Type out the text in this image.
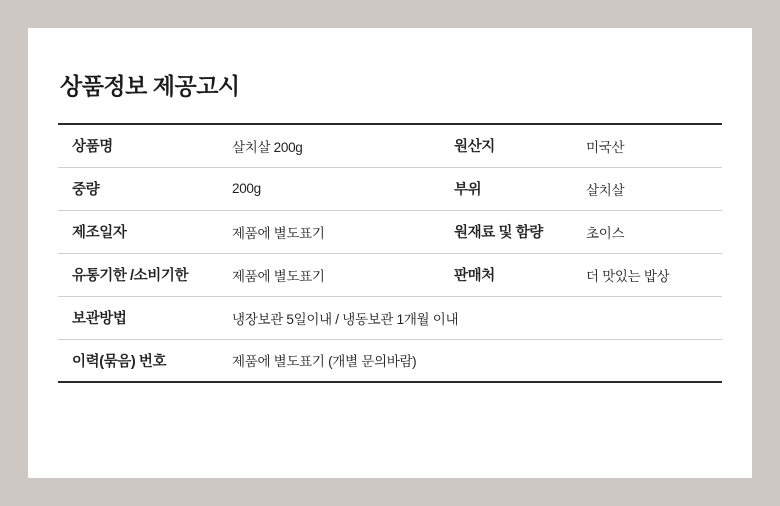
상품정보 제공고시
상품명	살치살 200g	원산지	미국산
중량	200g	부위	살치살
제조일자	제품에 별도표기	원재료 및 함량	초이스
유통기한 /소비기한	제품에 별도표기	판매처	더 맛있는 밥상
보관방법	냉장보관 5일이내 / 냉동보관 1개월 이내		
이력(묶음) 번호	제품에 별도표기 (개별 문의바람)		
